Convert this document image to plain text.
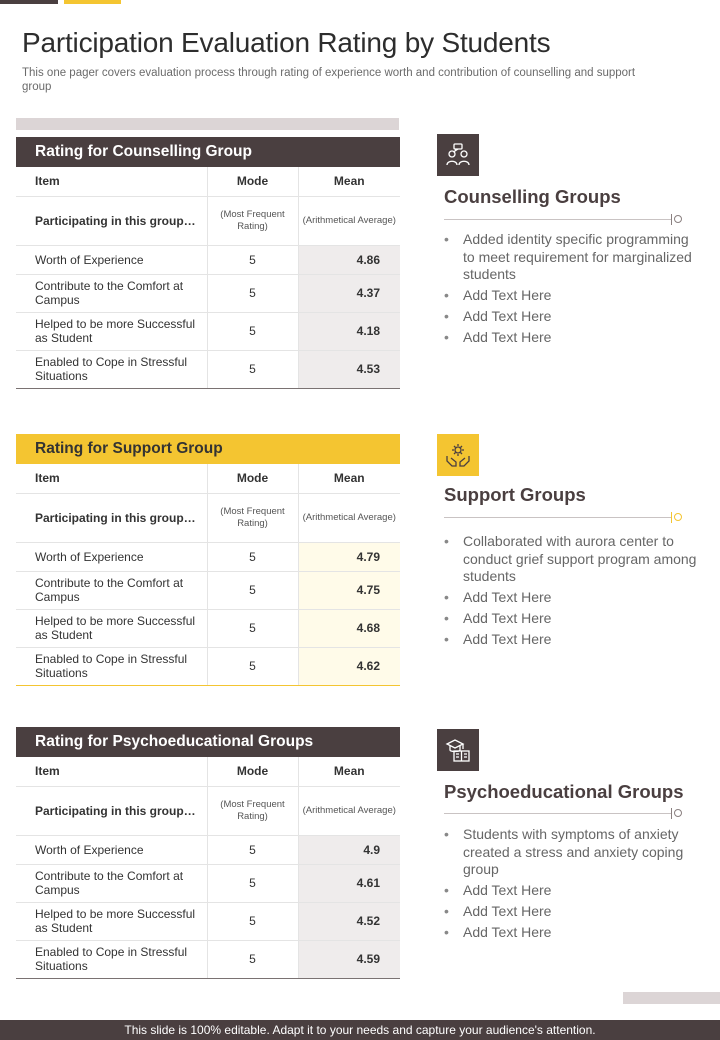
Participation Evaluation Rating by Students

This one pager covers evaluation process through rating of experience worth and contribution of counselling and support group

Rating for Counselling Group
Item	Mode	Mean
Participating in this group…	(Most Frequent Rating)	(Arithmetical Average)
Worth of Experience	5	4.86
Contribute to the Comfort at Campus	5	4.37
Helped to be more Successful as Student	5	4.18
Enabled to Cope in Stressful Situations	5	4.53
Counselling Groups
• Added identity specific programming to meet requirement for marginalized students
• Add Text Here
• Add Text Here
• Add Text Here
Rating for Support Group
Item	Mode	Mean
Participating in this group…	(Most Frequent Rating)	(Arithmetical Average)
Worth of Experience	5	4.79
Contribute to the Comfort at Campus	5	4.75
Helped to be more Successful as Student	5	4.68
Enabled to Cope in Stressful Situations	5	4.62
Support Groups
• Collaborated with aurora center to conduct grief support program among students
• Add Text Here
• Add Text Here
• Add Text Here
Rating for Psychoeducational Groups
Item	Mode	Mean
Participating in this group…	(Most Frequent Rating)	(Arithmetical Average)
Worth of Experience	5	4.9
Contribute to the Comfort at Campus	5	4.61
Helped to be more Successful as Student	5	4.52
Enabled to Cope in Stressful Situations	5	4.59
Psychoeducational Groups
• Students with symptoms of anxiety created a stress and anxiety coping group
• Add Text Here
• Add Text Here
• Add Text Here
This slide is 100% editable. Adapt it to your needs and capture your audience's attention.
